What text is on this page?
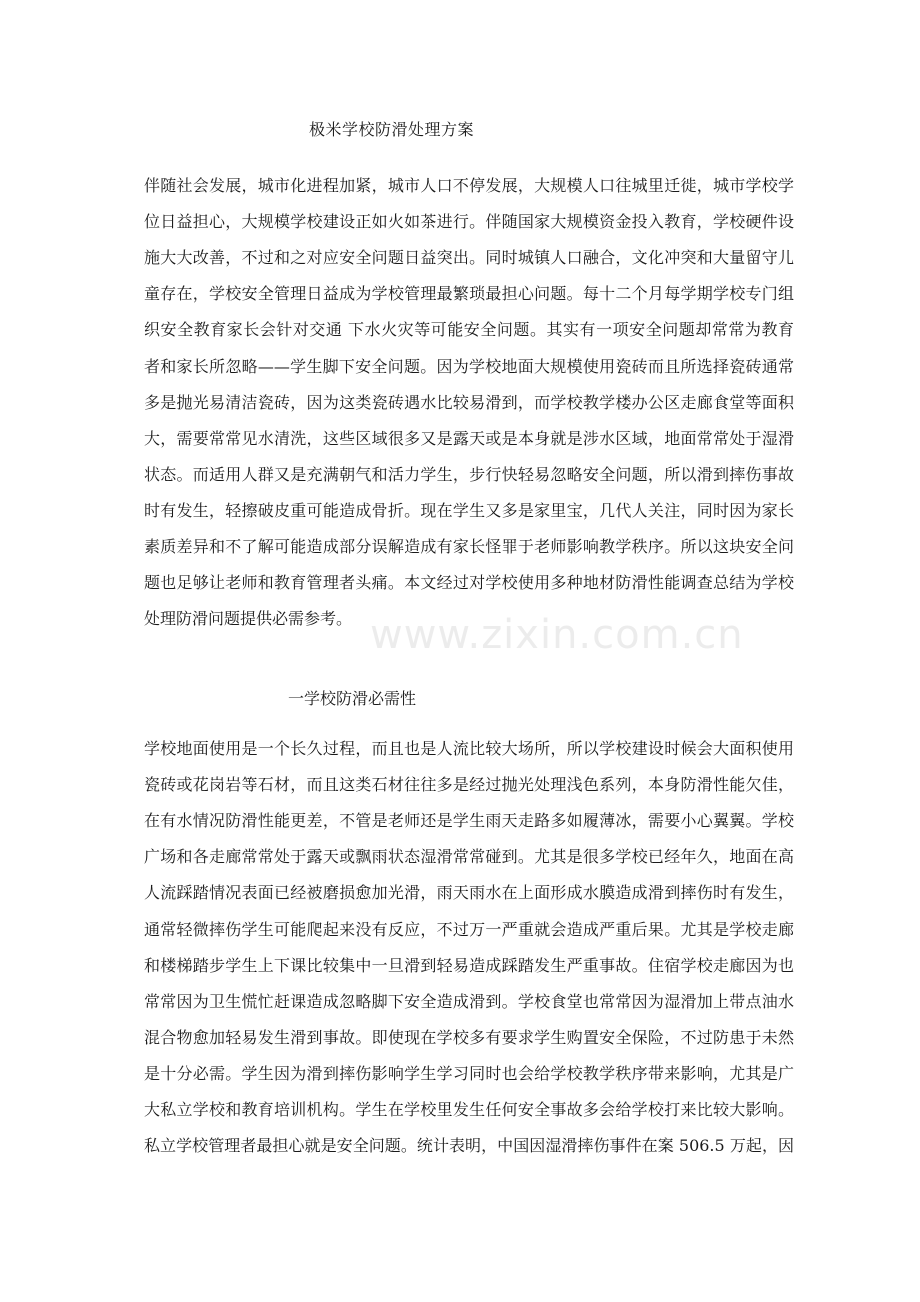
www.zixin.com.cn
极米学校防滑处理方案
伴随社会发展，城市化进程加紧，城市人口不停发展，大规模人口往城里迁徙，城市学校学
位日益担心，大规模学校建设正如火如茶进行。伴随国家大规模资金投入教育，学校硬件设
施大大改善，不过和之对应安全问题日益突出。同时城镇人口融合，文化冲突和大量留守儿
童存在，学校安全管理日益成为学校管理最繁琐最担心问题。每十二个月每学期学校专门组
织安全教育家长会针对交通 下水火灾等可能安全问题。其实有一项安全问题却常常为教育
者和家长所忽略——学生脚下安全问题。因为学校地面大规模使用瓷砖而且所选择瓷砖通常
多是抛光易清洁瓷砖，因为这类瓷砖遇水比较易滑到，而学校教学楼办公区走廊食堂等面积
大，需要常常见水清洗，这些区域很多又是露天或是本身就是涉水区域，地面常常处于湿滑
状态。而适用人群又是充满朝气和活力学生，步行快轻易忽略安全问题，所以滑到摔伤事故
时有发生，轻擦破皮重可能造成骨折。现在学生又多是家里宝，几代人关注，同时因为家长
素质差异和不了解可能造成部分误解造成有家长怪罪于老师影响教学秩序。所以这块安全问
题也足够让老师和教育管理者头痛。本文经过对学校使用多种地材防滑性能调查总结为学校
处理防滑问题提供必需参考。
一学校防滑必需性
学校地面使用是一个长久过程，而且也是人流比较大场所，所以学校建设时候会大面积使用
瓷砖或花岗岩等石材，而且这类石材往往多是经过抛光处理浅色系列，本身防滑性能欠佳，
在有水情况防滑性能更差，不管是老师还是学生雨天走路多如履薄冰，需要小心翼翼。学校
广场和各走廊常常处于露天或飘雨状态湿滑常常碰到。尤其是很多学校已经年久，地面在高
人流踩踏情况表面已经被磨损愈加光滑，雨天雨水在上面形成水膜造成滑到摔伤时有发生，
通常轻微摔伤学生可能爬起来没有反应，不过万一严重就会造成严重后果。尤其是学校走廊
和楼梯踏步学生上下课比较集中一旦滑到轻易造成踩踏发生严重事故。住宿学校走廊因为也
常常因为卫生慌忙赶课造成忽略脚下安全造成滑到。学校食堂也常常因为湿滑加上带点油水
混合物愈加轻易发生滑到事故。即使现在学校多有要求学生购置安全保险，不过防患于未然
是十分必需。学生因为滑到摔伤影响学生学习同时也会给学校教学秩序带来影响，尤其是广
大私立学校和教育培训机构。学生在学校里发生任何安全事故多会给学校打来比较大影响。
私立学校管理者最担心就是安全问题。统计表明，中国因湿滑摔伤事件在案 506.5 万起，因
